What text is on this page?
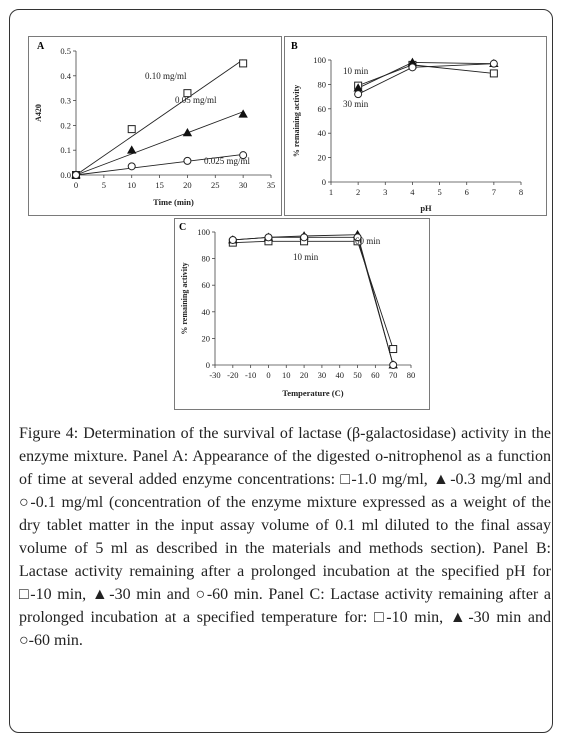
A
0	5	10 15 20 25 30 35
0.0
0.1
0.2
0.3
0.4
0.5
Time (min)
A420
0.10 mg/ml
0.05 mg/ml
0.025 mg/ml
B
1	2	3	4	5	6	7	8
0
20
40
60
80
100
pH
% remaining activity
10 min
30 min
C
-30 -20 -10 0 10 20 30 40 50 60 70 80
0
20
40
60
80
100
Temperature (C)
% remaining activity
10 min
60 min

Figure 4: Determination of the survival of lactase (β-galactosidase) activity in the enzyme mixture. Panel A: Appearance of the digested o-nitrophenol as a function of time at several added enzyme concentrations: □-1.0 mg/ml, ▲-0.3 mg/ml and ○-0.1 mg/ml (concentration of the enzyme mixture expressed as a weight of the dry tablet matter in the input assay volume of 0.1 ml diluted to the final assay volume of 5 ml as described in the materials and methods section). Panel B: Lactase activity remaining after a prolonged incubation at the specified pH for □-10 min, ▲-30 min and ○-60 min. Panel C: Lactase activity remaining after a prolonged incubation at a specified temperature for: □-10 min, ▲-30 min and ○-60 min.
